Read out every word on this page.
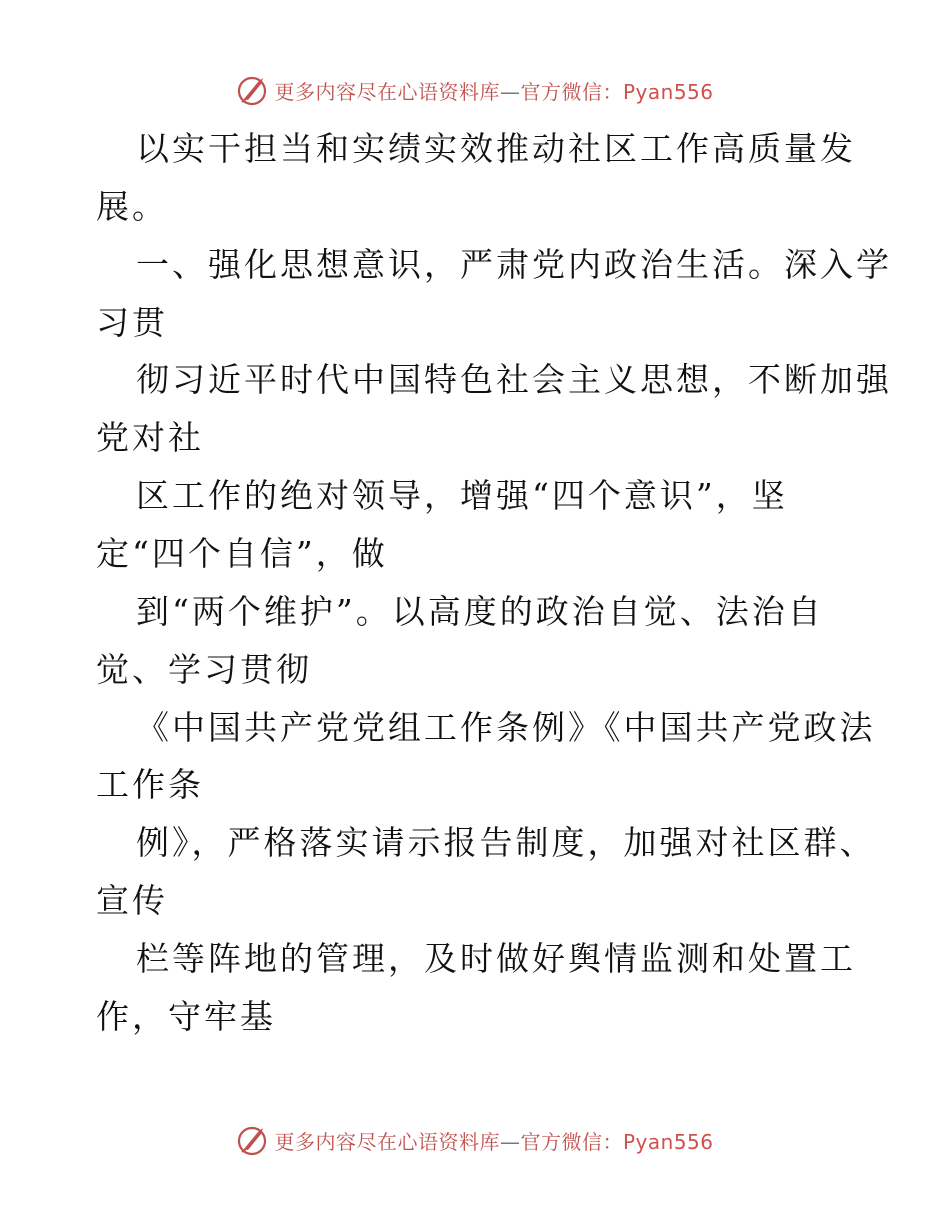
更多内容尽在心语资料库—官方微信：Pyan556
以实干担当和实绩实效推动社区工作高质量发
展。
一、强化思想意识，严肃党内政治生活。深入学
习贯
彻习近平时代中国特色社会主义思想，不断加强
党对社
区工作的绝对领导，增强“四个意识”，坚
定“四个自信”，做
到“两个维护”。以高度的政治自觉、法治自
觉、学习贯彻
《中国共产党党组工作条例》《中国共产党政法
工作条
例》，严格落实请示报告制度，加强对社区群、
宣传
栏等阵地的管理，及时做好舆情监测和处置工
作，守牢基
更多内容尽在心语资料库—官方微信：Pyan556
